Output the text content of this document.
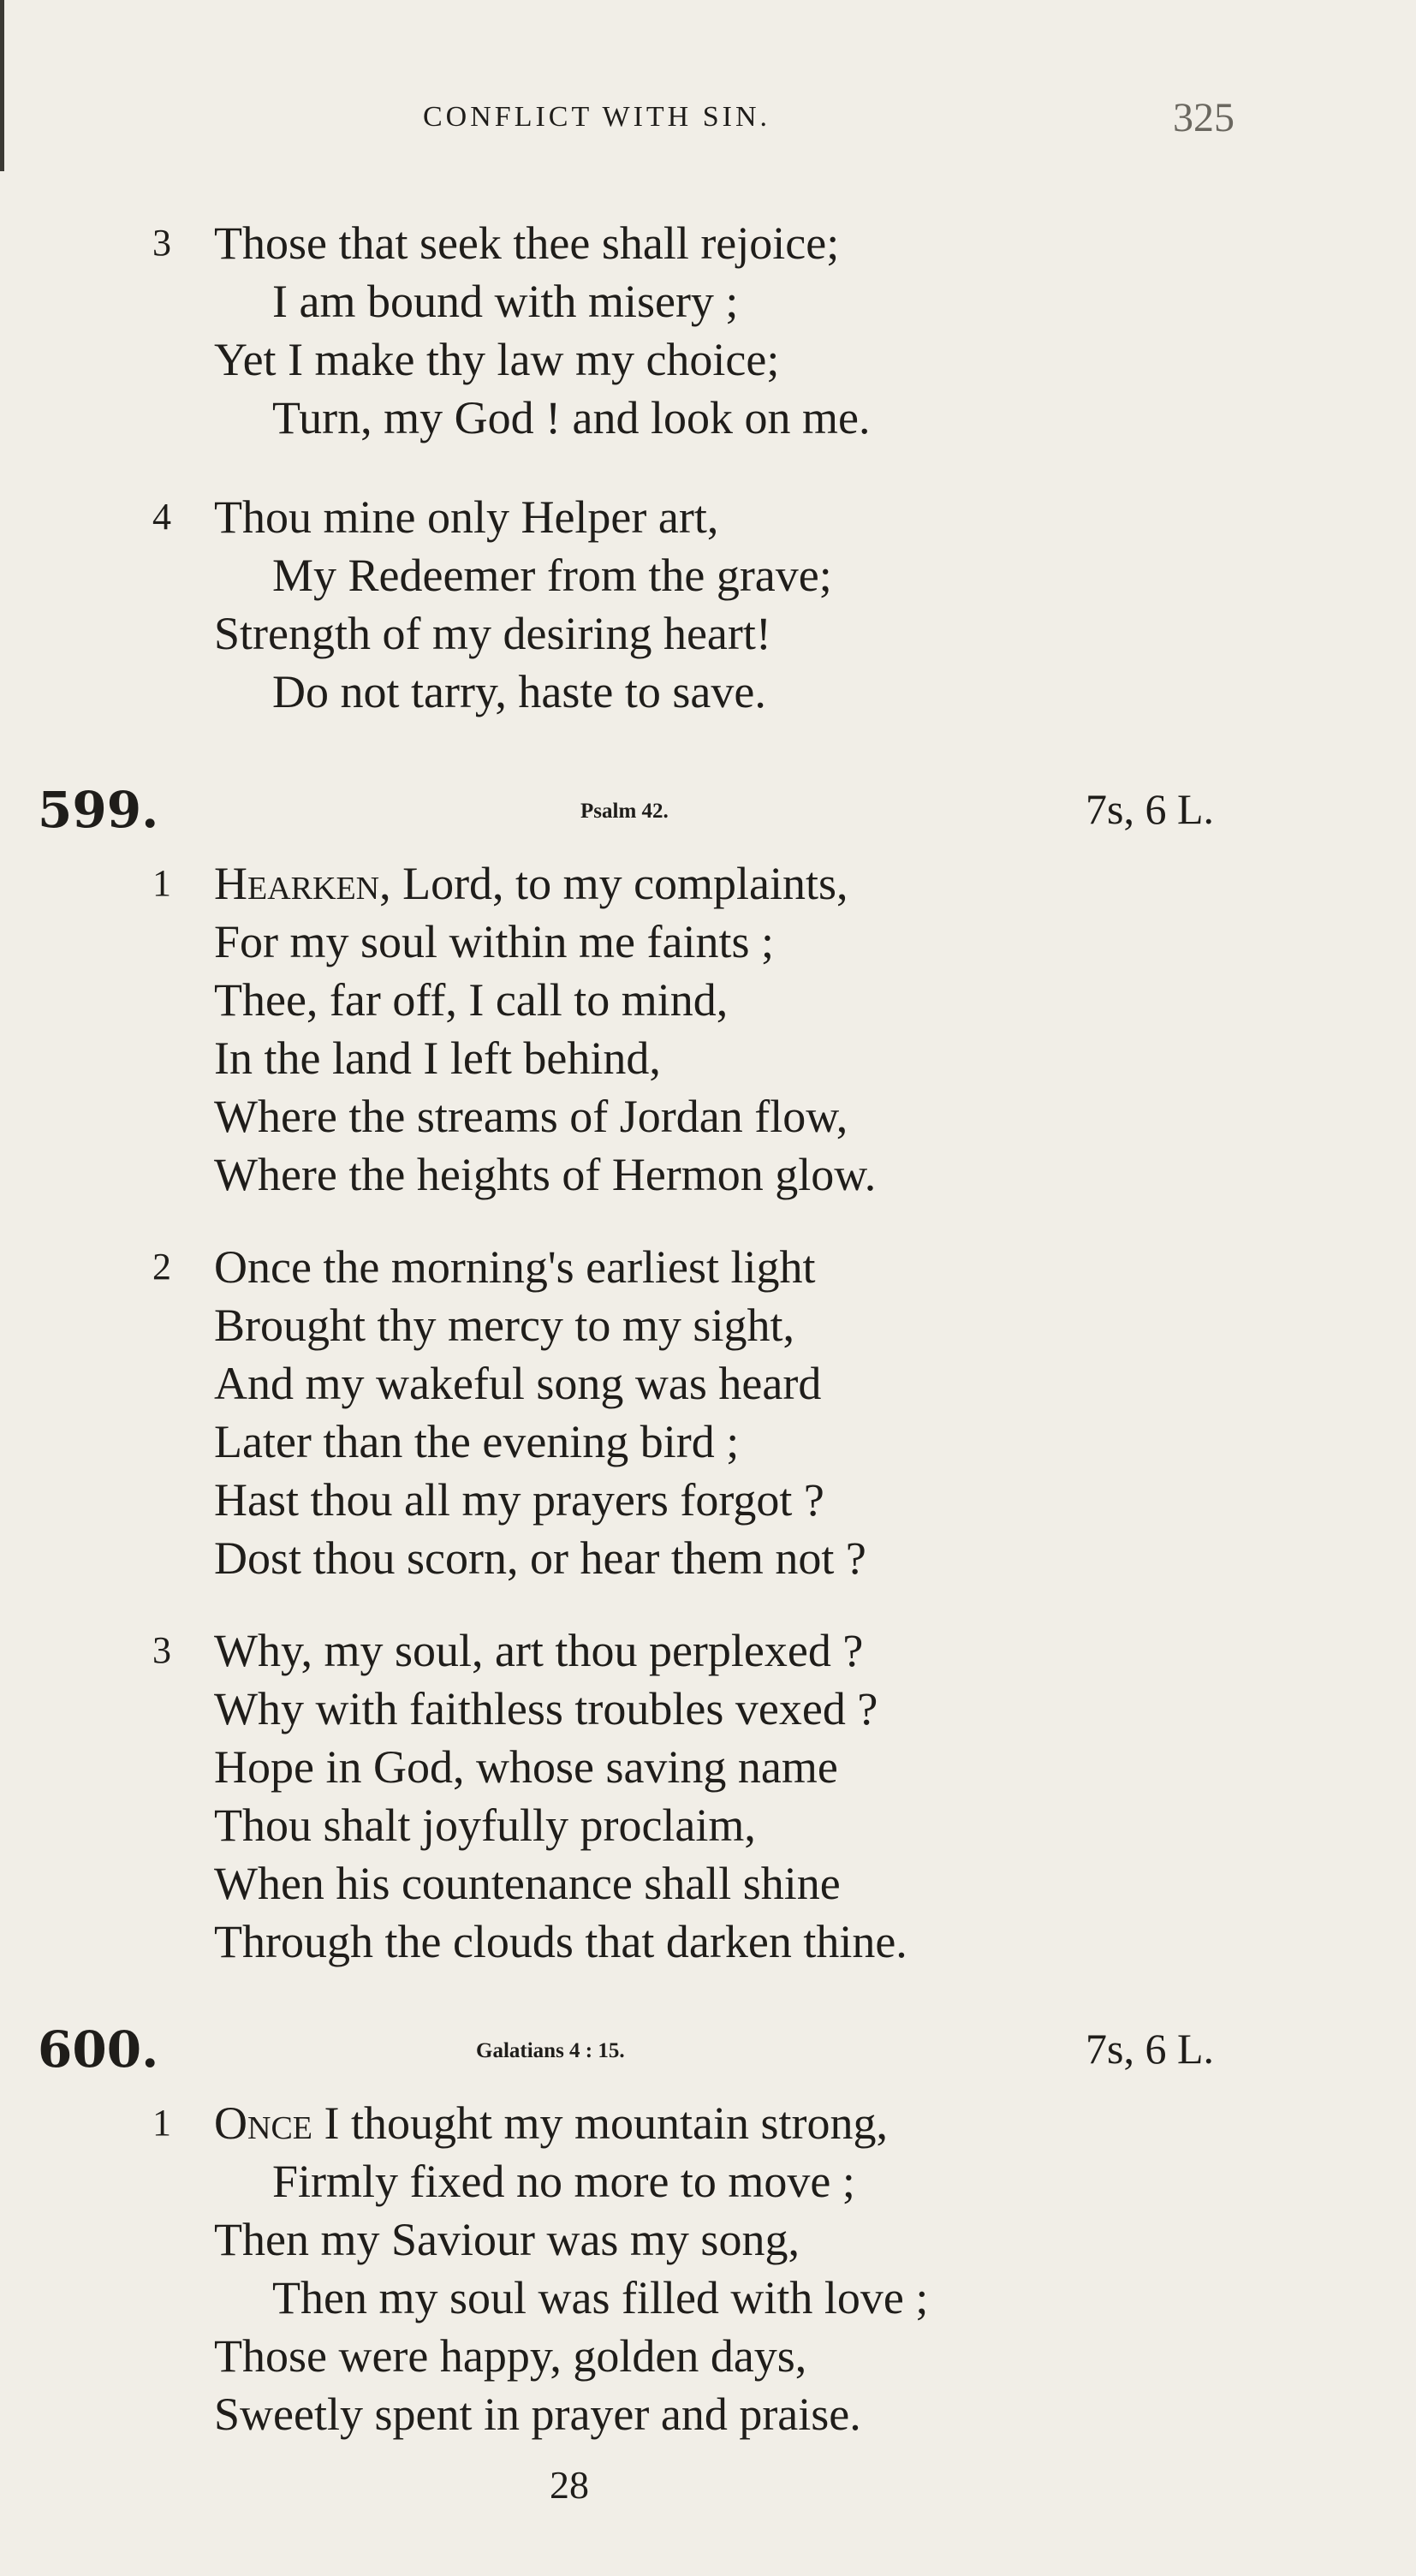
CONFLICT WITH SIN.	325
3 Those that seek thee shall rejoice;
I am bound with misery ;
Yet I make thy law my choice;
Turn, my God ! and look on me.
4 Thou mine only Helper art,
My Redeemer from the grave;
Strength of my desiring heart!
Do not tarry, haste to save.
599.	Psalm 42.	7s, 6 L.
1 Hearken, Lord, to my complaints,
For my soul within me faints ;
Thee, far off, I call to mind,
In the land I left behind,
Where the streams of Jordan flow,
Where the heights of Hermon glow.
2 Once the morning's earliest light
Brought thy mercy to my sight,
And my wakeful song was heard
Later than the evening bird ;
Hast thou all my prayers forgot ?
Dost thou scorn, or hear them not ?
3 Why, my soul, art thou perplexed ?
Why with faithless troubles vexed ?
Hope in God, whose saving name
Thou shalt joyfully proclaim,
When his countenance shall shine
Through the clouds that darken thine.
600.	Galatians 4 : 15.	7s, 6 L.
1 Once I thought my mountain strong,
Firmly fixed no more to move ;
Then my Saviour was my song,
Then my soul was filled with love ;
Those were happy, golden days,
Sweetly spent in prayer and praise.
28
